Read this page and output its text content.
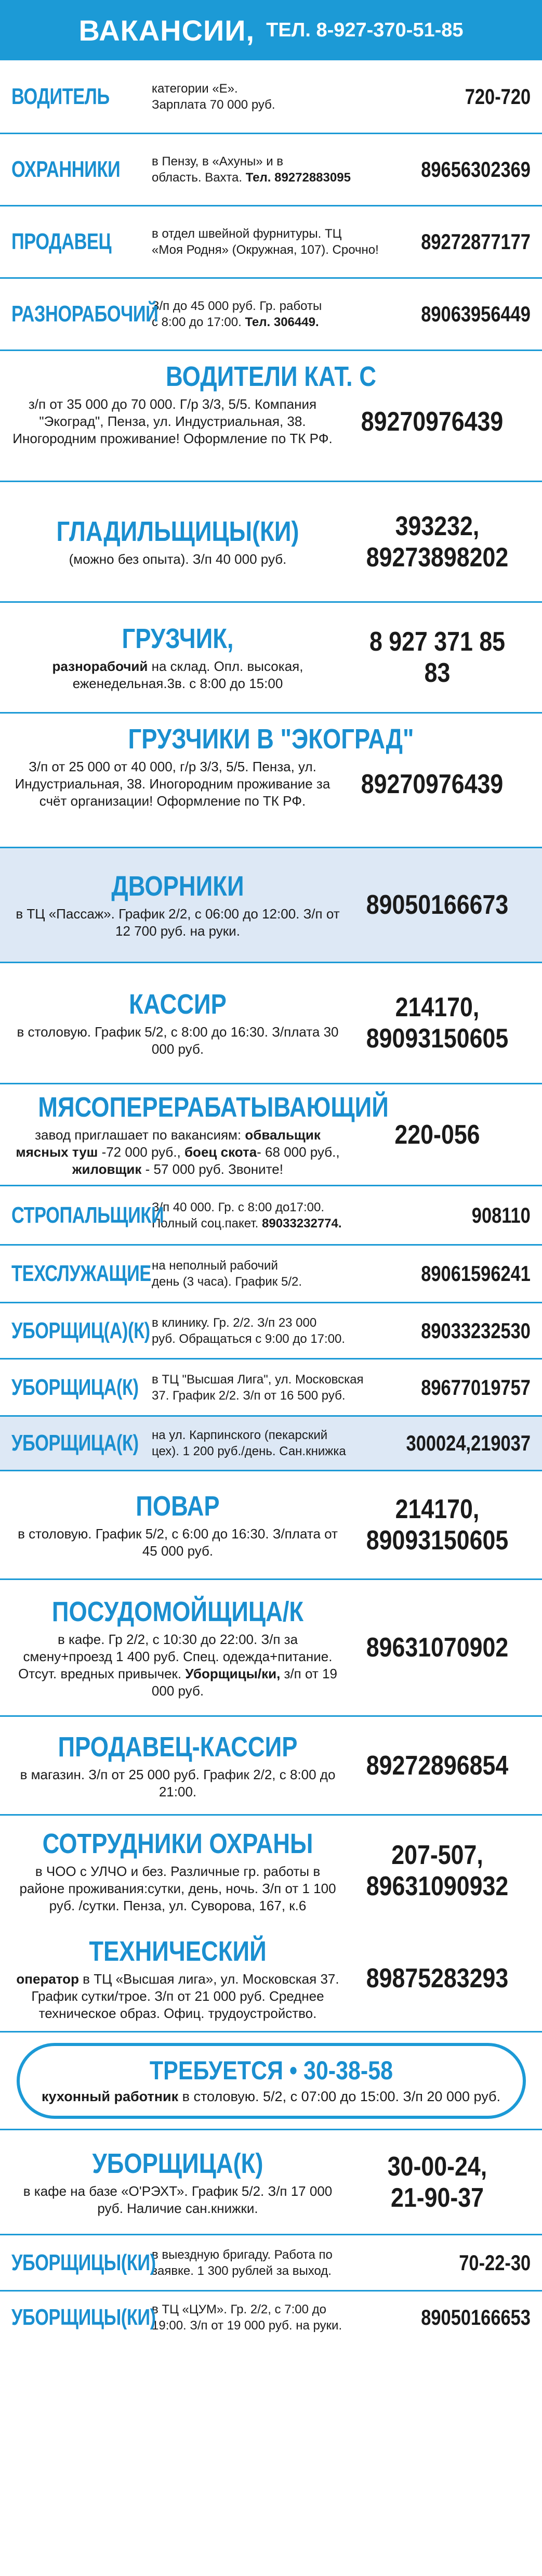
ВАКАНСИИ, ТЕЛ. 8-927-370-51-85
ВОДИТЕЛЬ	категории «Е».
Зарплата 70 000 руб.	720-720
ОХРАННИКИ	в Пензу, в «Ахуны» и в
область. Вахта. Тел. 89272883095	89656302369
ПРОДАВЕЦ	в отдел швейной фурнитуры. ТЦ
«Моя Родня» (Окружная, 107). Срочно!	89272877177
РАЗНОРАБОЧИЙ
З/п до 45 000 руб. Гр. работы
с 8:00 до 17:00. Тел. 306449.	89063956449
ВОДИТЕЛИ КАТ. С
з/п от 35 000 до 70 000. Г/р 3/3, 5/5. Компания "Экоград", Пенза, ул. Индустриальная, 38. Иногородним проживание! Оформление по ТК РФ.
89270976439
ГЛАДИЛЬЩИЦЫ(КИ)
(можно без опыта). З/п 40 000 руб.
393232,
89273898202
ГРУЗЧИК,
разнорабочий на склад. Опл. высокая, еженедельная.3в. с 8:00 до 15:00
8 927 371 85 83
ГРУЗЧИКИ В "ЭКОГРАД"
З/п от 25 000 от 40 000, г/р 3/3, 5/5. Пенза, ул. Индустриальная, 38. Иногородним проживание за счёт организации! Оформление по ТК РФ.
89270976439
ДВОРНИКИ
в ТЦ «Пассаж». График 2/2, с 06:00 до 12:00. З/п от 12 700 руб. на руки.
89050166673
КАССИР
в столовую. График 5/2, с 8:00 до 16:30. З/плата 30 000 руб.
214170,
89093150605
МЯСОПЕРЕРАБАТЫВАЮЩИЙ
завод приглашает по вакансиям: обвальщик мясных туш -72 000 руб., боец скота- 68 000 руб., жиловщик - 57 000 руб. Звоните!
220-056
СТРОПАЛЬЩИКИ
З/п 40 000. Гр. с 8:00 до17:00.
Полный соц.пакет. 89033232774.	908110
ТЕХСЛУЖАЩИЕ на неполный рабочий
день (3 часа). График 5/2.	89061596241
УБОРЩИЦ(А)(К) в клинику. Гр. 2/2. З/п 23 000
руб. Обращаться с 9:00 до 17:00.	89033232530
УБОРЩИЦА(К) в ТЦ "Высшая Лига", ул. Московская
37. График 2/2. З/п от 16 500 руб.	89677019757
УБОРЩИЦА(К) на ул. Карпинского (пекарский
цех). 1 200 руб./день. Сан.книжка	300024,219037
ПОВАР
в столовую. График 5/2, с 6:00 до 16:30. З/плата от 45 000 руб.
214170,
89093150605
ПОСУДОМОЙЩИЦА/К
в кафе. Гр 2/2, с 10:30 до 22:00. З/п за смену+проезд 1 400 руб. Спец. одежда+питание. Отсут. вредных привычек. Уборщицы/ки, з/п от 19 000 руб.
89631070902
ПРОДАВЕЦ-КАССИР
в магазин. З/п от 25 000 руб. График 2/2, с 8:00 до 21:00.
89272896854
СОТРУДНИКИ ОХРАНЫ
в ЧОО с УЛЧО и без. Различные гр. работы в районе проживания:сутки, день, ночь. З/п от 1 100 руб. /сутки. Пенза, ул. Суворова, 167, к.6
207-507,
89631090932
ТЕХНИЧЕСКИЙ
оператор в ТЦ «Высшая лига», ул. Московская 37. График сутки/трое. З/п от 21 000 руб. Среднее техническое образ. Офиц. трудоустройство.
89875283293
ТРЕБУЕТСЯ • 30-38-58
кухонный работник в столовую. 5/2, с 07:00 до 15:00. З/п 20 000 руб.
УБОРЩИЦА(К)
в кафе на базе «О'РЭХТ». График 5/2. З/п 17 000 руб. Наличие сан.книжки.
30-00-24,
21-90-37
УБОРЩИЦЫ(КИ)
в выездную бригаду. Работа по
заявке. 1 300 рублей за выход.	70-22-30
УБОРЩИЦЫ(КИ)
в ТЦ «ЦУМ». Гр. 2/2, с 7:00 до
19:00. З/п от 19 000 руб. на руки.	89050166653
